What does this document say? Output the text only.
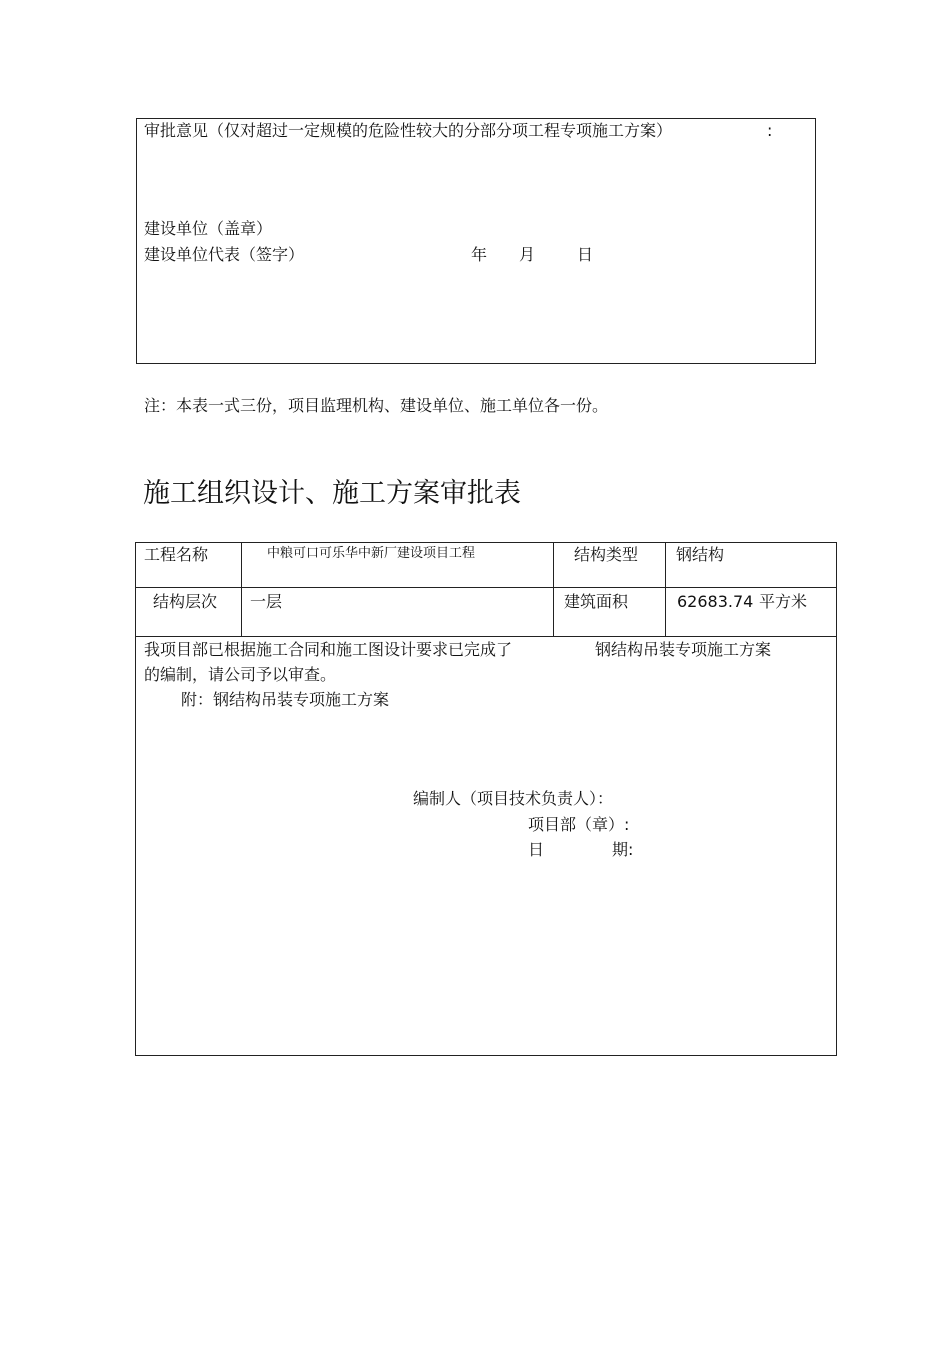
审批意见（仅对超过一定规模的危险性较大的分部分项工程专项施工方案）	:
建设单位（盖章）
建设单位代表（签字）	年 月	日
注：本表一式三份，项目监理机构、建设单位、施工单位各一份。
施工组织设计、施工方案审批表
工程名称	中粮可口可乐华中新厂建设项目工程	结构类型 钢结构
结构层次 一层	建筑面积	62683.74 平方米
我项目部已根据施工合同和施工图设计要求已完成了	钢结构吊装专项施工方案
的编制，请公司予以审查。
附：钢结构吊装专项施工方案
编制人（项目技术负责人）：
项目部（章）:
日	期:
